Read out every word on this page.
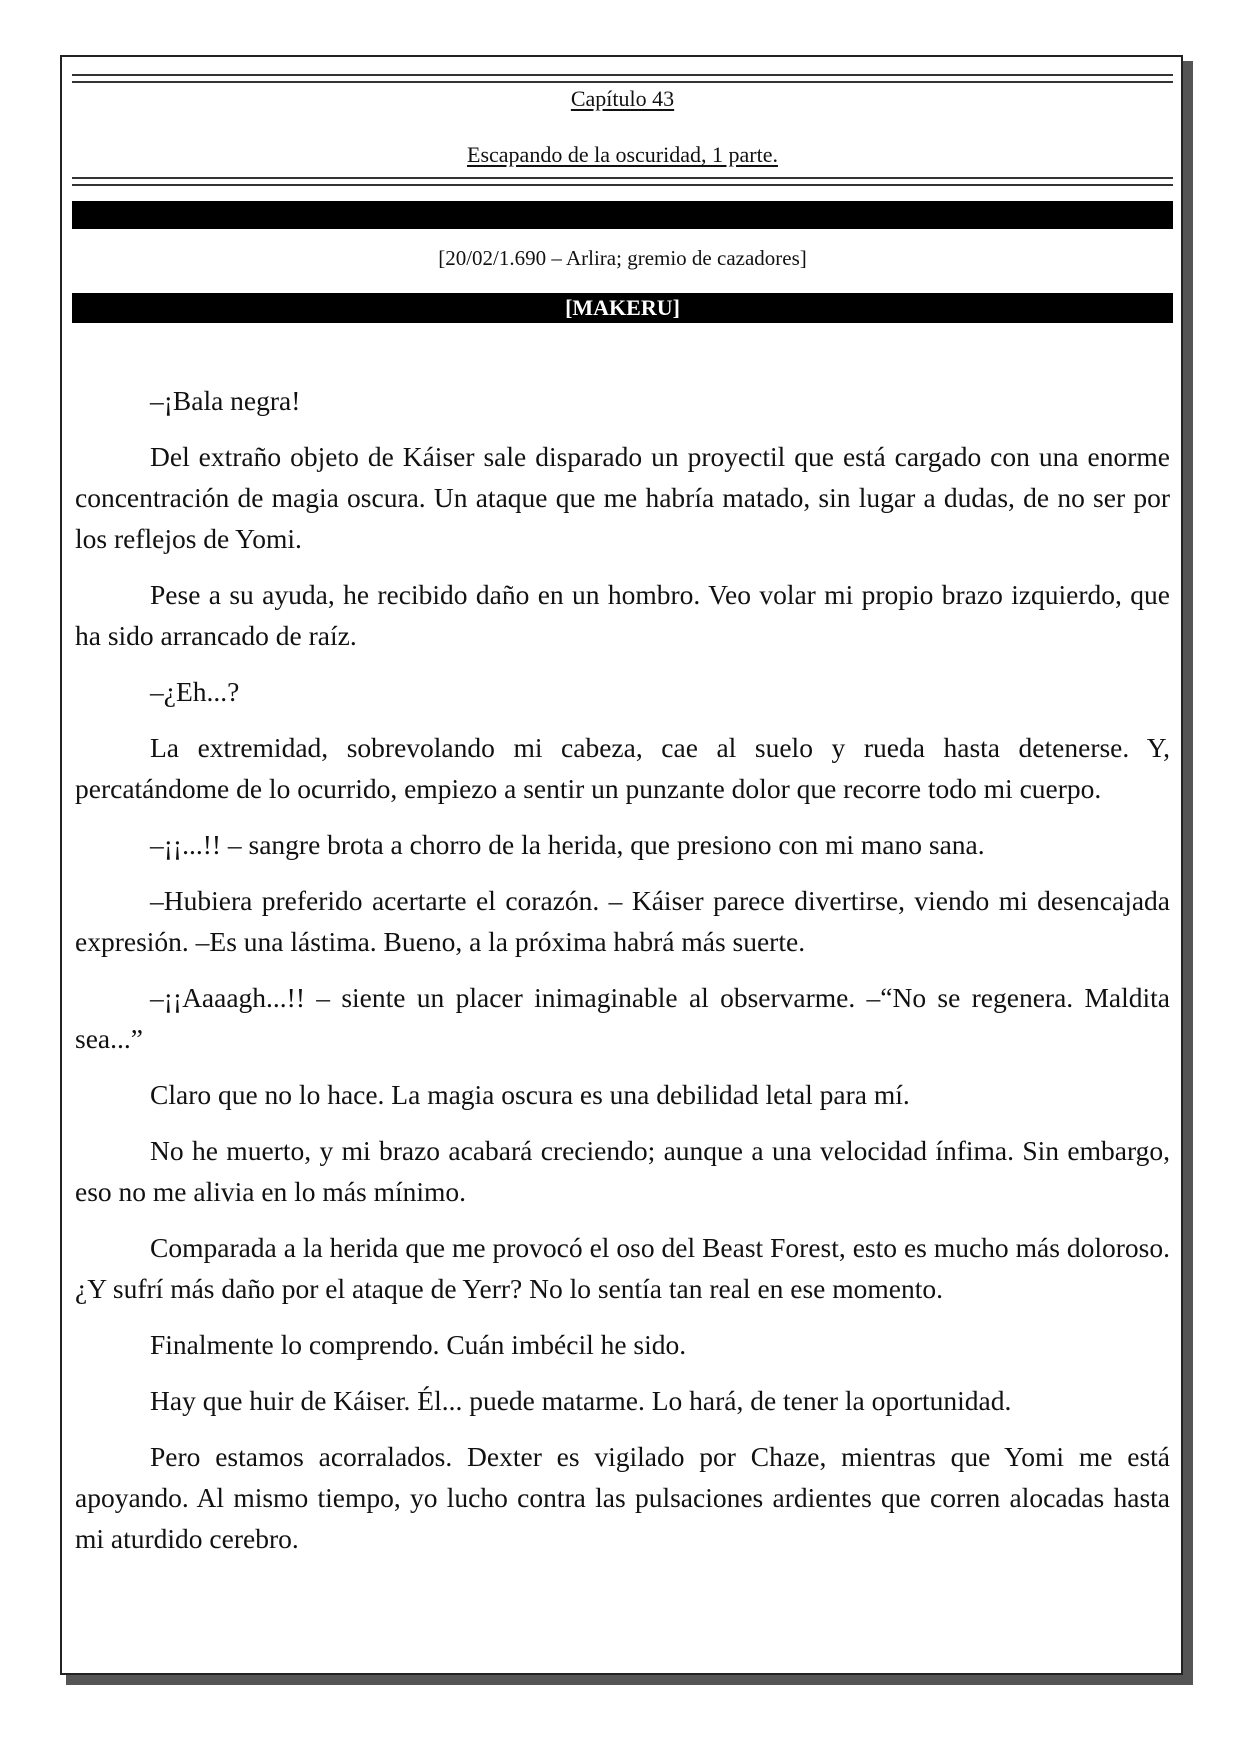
Capítulo 43
Escapando de la oscuridad, 1 parte.
[20/02/1.690 – Arlira; gremio de cazadores]
[MAKERU]

–¡Bala negra!

Del extraño objeto de Káiser sale disparado un proyectil que está cargado con una enorme concentración de magia oscura. Un ataque que me habría matado, sin lugar a dudas, de no ser por los reflejos de Yomi.

Pese a su ayuda, he recibido daño en un hombro. Veo volar mi propio brazo izquierdo, que ha sido arrancado de raíz.

–¿Eh...?

La extremidad, sobrevolando mi cabeza, cae al suelo y rueda hasta detenerse. Y, percatándome de lo ocurrido, empiezo a sentir un punzante dolor que recorre todo mi cuerpo.

–¡¡...!! – sangre brota a chorro de la herida, que presiono con mi mano sana.

–Hubiera preferido acertarte el corazón. – Káiser parece divertirse, viendo mi desencajada expresión. –Es una lástima. Bueno, a la próxima habrá más suerte.

–¡¡Aaaagh...!! – siente un placer inimaginable al observarme. –“No se regenera. Maldita sea...”

Claro que no lo hace. La magia oscura es una debilidad letal para mí.

No he muerto, y mi brazo acabará creciendo; aunque a una velocidad ínfima. Sin embargo, eso no me alivia en lo más mínimo.

Comparada a la herida que me provocó el oso del Beast Forest, esto es mucho más doloroso. ¿Y sufrí más daño por el ataque de Yerr? No lo sentía tan real en ese momento.

Finalmente lo comprendo. Cuán imbécil he sido.

Hay que huir de Káiser. Él... puede matarme. Lo hará, de tener la oportunidad.

Pero estamos acorralados. Dexter es vigilado por Chaze, mientras que Yomi me está apoyando. Al mismo tiempo, yo lucho contra las pulsaciones ardientes que corren alocadas hasta mi aturdido cerebro.
